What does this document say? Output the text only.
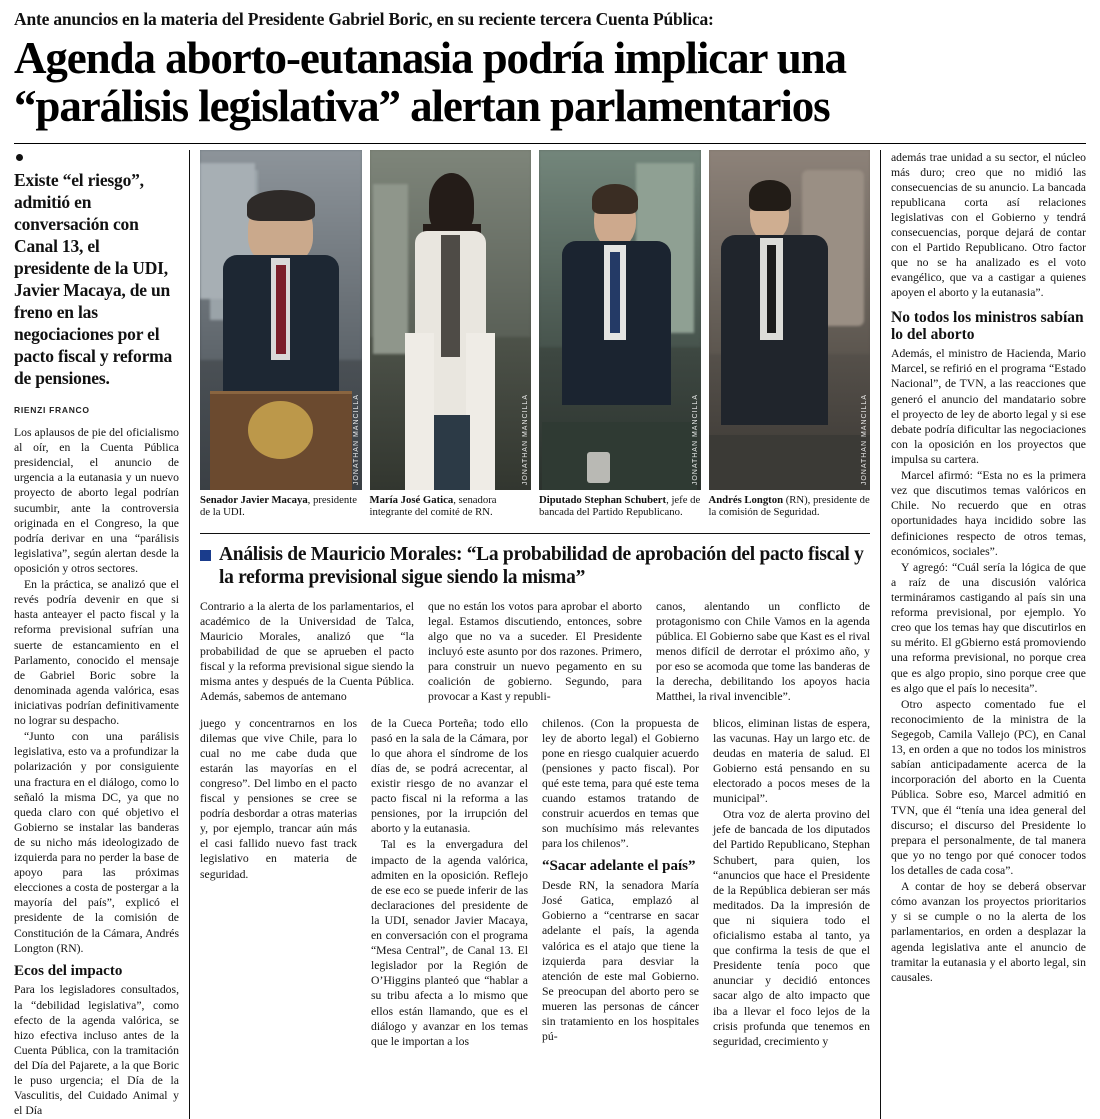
Ante anuncios en la materia del Presidente Gabriel Boric, en su reciente tercera Cuenta Pública:
Agenda aborto-eutanasia podría implicar una
“parálisis legislativa” alertan parlamentarios
Existe “el riesgo”, admitió en conversación con Canal 13, el presidente de la UDI, Javier Macaya, de un freno en las negociaciones por el pacto fiscal y reforma de pensiones.
RIENZI FRANCO

Los aplausos de pie del oficialismo al oír, en la Cuenta Pública presidencial, el anuncio de urgencia a la eutanasia y un nuevo proyecto de aborto legal podrían sucumbir, ante la controversia originada en el Congreso, la que podría derivar en una “parálisis legislativa”, según alertan desde la oposición y otros sectores.

En la práctica, se analizó que el revés podría devenir en que si hasta anteayer el pacto fiscal y la reforma previsional sufrían una suerte de estancamiento en el Parlamento, conocido el mensaje de Gabriel Boric sobre la denominada agenda valórica, esas iniciativas podrían definitivamente no lograr su despacho.

“Junto con una parálisis legislativa, esto va a profundizar la polarización y por consiguiente una fractura en el diálogo, como lo señaló la misma DC, ya que no queda claro con qué objetivo el Gobierno se instalar las banderas de su nicho más ideologizado de izquierda para no perder la base de apoyo para las próximas elecciones a costa de postergar a la mayoría del país”, explicó el presidente de la comisión de Constitución de la Cámara, Andrés Longton (RN).

Ecos del impacto

Para los legisladores consultados, la “debilidad legislativa”, como efecto de la agenda valórica, se hizo efectiva incluso antes de la Cuenta Pública, con la tramitación del Día del Pajarete, a la que Boric le puso urgencia; el Día de la Vasculitis, del Cuidado Animal y el Día

JONATHAN MANCILLA
Senador Javier Macaya, presidente de la UDI.
JONATHAN MANCILLA
María José Gatica, senadora integrante del comité de RN.
JONATHAN MANCILLA
Diputado Stephan Schubert, jefe de bancada del Partido Republicano.
JONATHAN MANCILLA
Andrés Longton (RN), presidente de la comisión de Seguridad.
Análisis de Mauricio Morales: “La probabilidad de aprobación del pacto fiscal y la reforma previsional sigue siendo la misma”

Contrario a la alerta de los parlamentarios, el académico de la Universidad de Talca, Mauricio Morales, analizó que “la probabilidad de que se aprueben el pacto fiscal y la reforma previsional sigue siendo la misma antes y después de la Cuenta Pública. Además, sabemos de antemano

que no están los votos para aprobar el aborto legal. Estamos discutiendo, entonces, sobre algo que no va a suceder. El Presidente incluyó este asunto por dos razones. Primero, para construir un nuevo pegamento en su coalición de gobierno. Segundo, para provocar a Kast y republi-

canos, alentando un conflicto de protagonismo con Chile Vamos en la agenda pública. El Gobierno sabe que Kast es el rival menos difícil de derrotar el próximo año, y por eso se acomoda que tome las banderas de la derecha, debilitando los apoyos hacia Matthei, la rival invencible”.

juego y concentrarnos en los dilemas que vive Chile, para lo cual no me cabe duda que estarán las mayorías en el congreso”. Del limbo en el pacto fiscal y pensiones se cree se podría desbordar a otras materias y, por ejemplo, trancar aún más el casi fallido nuevo fast track legislativo en materia de seguridad.

de la Cueca Porteña; todo ello pasó en la sala de la Cámara, por lo que ahora el síndrome de los días de, se podrá acrecentar, al existir riesgo de no avanzar el pacto fiscal ni la reforma a las pensiones, por la irrupción del aborto y la eutanasia.

Tal es la envergadura del impacto de la agenda valórica, admiten en la oposición. Reflejo de ese eco se puede inferir de las declaraciones del presidente de la UDI, senador Javier Macaya, en conversación con el programa “Mesa Central”, de Canal 13. El legislador por la Región de O’Higgins planteó que “hablar a su tribu afecta a lo mismo que ellos están llamando, que es el diálogo y avanzar en los temas que le importan a los

chilenos. (Con la propuesta de ley de aborto legal) el Gobierno pone en riesgo cualquier acuerdo (pensiones y pacto fiscal). Por qué este tema, para qué este tema cuando estamos tratando de construir acuerdos en temas que son muchísimo más relevantes para los chilenos”.

“Sacar adelante el país”

Desde RN, la senadora María José Gatica, emplazó al Gobierno a “centrarse en sacar adelante el país, la agenda valórica es el atajo que tiene la izquierda para desviar la atención de este mal Gobierno. Se preocupan del aborto pero se mueren las personas de cáncer sin tratamiento en los hospitales pú-

blicos, eliminan listas de espera, las vacunas. Hay un largo etc. de deudas en materia de salud. El Gobierno está pensando en su electorado a pocos meses de la municipal”.

Otra voz de alerta provino del jefe de bancada de los diputados del Partido Republicano, Stephan Schubert, para quien, los “anuncios que hace el Presidente de la República debieran ser más meditados. Da la impresión de que ni siquiera todo el oficialismo estaba al tanto, ya que confirma la tesis de que el Presidente tenía poco que anunciar y decidió entonces sacar algo de alto impacto que iba a llevar el foco lejos de la crisis profunda que tenemos en seguridad, crecimiento y

además trae unidad a su sector, el núcleo más duro; creo que no midió las consecuencias de su anuncio. La bancada republicana corta así relaciones legislativas con el Gobierno y tendrá consecuencias, porque dejará de contar con el Partido Republicano. Otro factor que no se ha analizado es el voto evangélico, que va a castigar a quienes apoyen el aborto y la eutanasia”.

No todos los ministros sabían lo del aborto

Además, el ministro de Hacienda, Mario Marcel, se refirió en el programa “Estado Nacional”, de TVN, a las reacciones que generó el anuncio del mandatario sobre el proyecto de ley de aborto legal y si ese debate podría dificultar las negociaciones con la oposición en los proyectos que impulsa su cartera.

Marcel afirmó: “Esta no es la primera vez que discutimos temas valóricos en Chile. No recuerdo que en otras oportunidades haya incidido sobre las definiciones respecto de otros temas, económicos, sociales”.

Y agregó: “Cuál sería la lógica de que a raíz de una discusión valórica termináramos castigando al país sin una reforma previsional, por ejemplo. Yo creo que los temas hay que discutirlos en su mérito. El gGbierno está promoviendo una reforma previsional, no porque crea que es algo propio, sino porque cree que es algo que el país lo necesita”.

Otro aspecto comentado fue el reconocimiento de la ministra de la Segegob, Camila Vallejo (PC), en Canal 13, en orden a que no todos los ministros sabían anticipadamente acerca de la incorporación del aborto en la Cuenta Pública. Sobre eso, Marcel admitió en TVN, que él “tenía una idea general del discurso; el discurso del Presidente lo prepara el personalmente, de tal manera que yo no tengo por qué conocer todos los detalles de cada cosa”.

A contar de hoy se deberá observar cómo avanzan los proyectos prioritarios y si se cumple o no la alerta de los parlamentarios, en orden a desplazar la agenda legislativa ante el anuncio de tramitar la eutanasia y el aborto legal, sin causales.
